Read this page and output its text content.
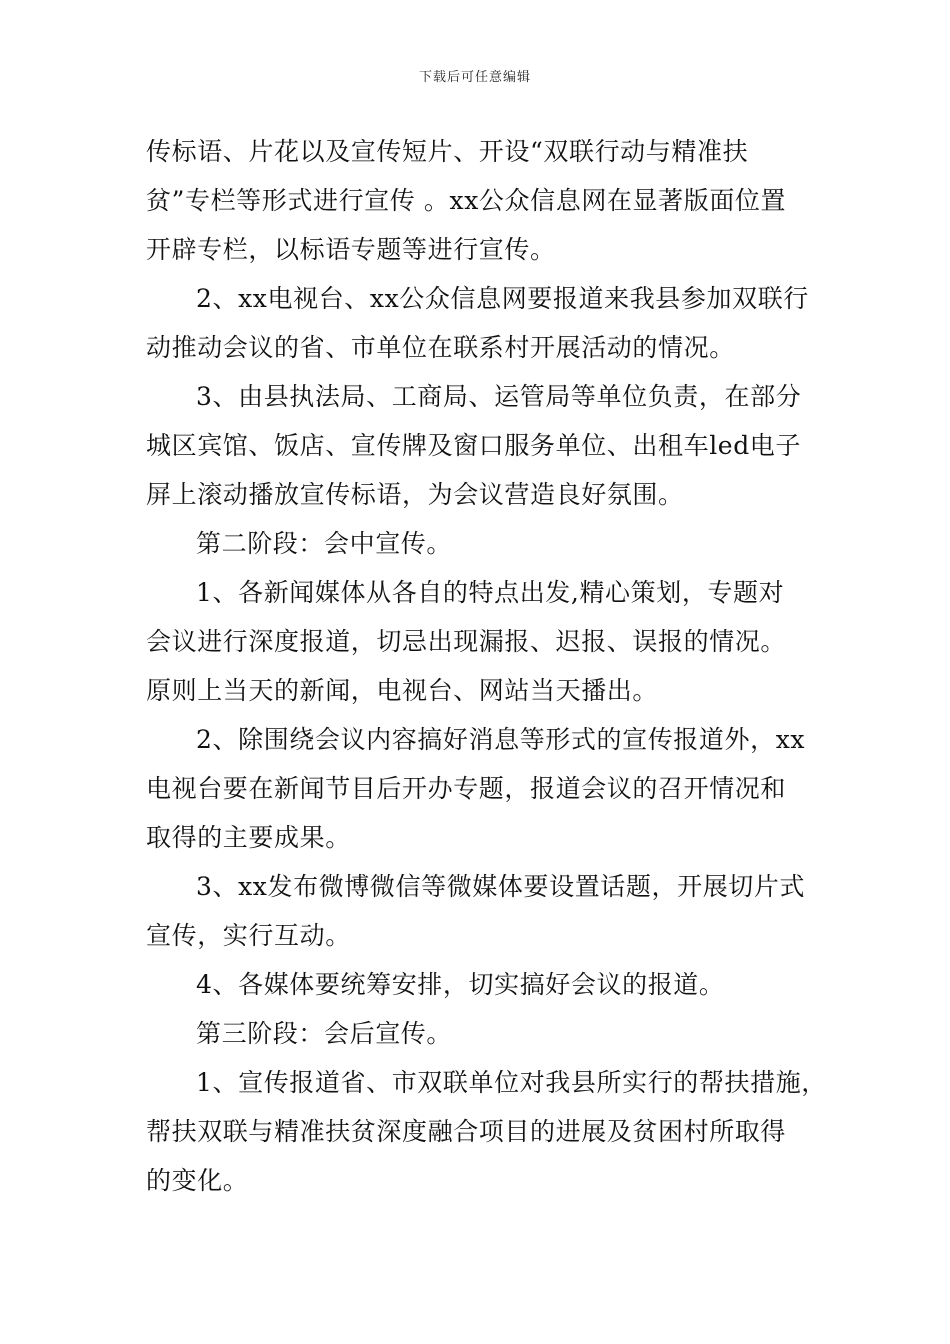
下载后可任意编辑

传标语、片花以及宣传短片、开设“双联行动与精准扶
贫”专栏等形式进行宣传 。xx公众信息网在显著版面位置
开辟专栏，以标语专题等进行宣传。

2、xx电视台、xx公众信息网要报道来我县参加双联行
动推动会议的省、市单位在联系村开展活动的情况。

3、由县执法局、工商局、运管局等单位负责，在部分
城区宾馆、饭店、宣传牌及窗口服务单位、出租车led电子
屏上滚动播放宣传标语，为会议营造良好氛围。

第二阶段：会中宣传。

1、各新闻媒体从各自的特点出发,精心策划，专题对
会议进行深度报道，切忌出现漏报、迟报、误报的情况。
原则上当天的新闻，电视台、网站当天播出。

2、除围绕会议内容搞好消息等形式的宣传报道外，xx
电视台要在新闻节目后开办专题，报道会议的召开情况和
取得的主要成果。

3、xx发布微博微信等微媒体要设置话题，开展切片式
宣传，实行互动。

4、各媒体要统筹安排，切实搞好会议的报道。

第三阶段：会后宣传。

1、宣传报道省、市双联单位对我县所实行的帮扶措施，
帮扶双联与精准扶贫深度融合项目的进展及贫困村所取得
的变化。
